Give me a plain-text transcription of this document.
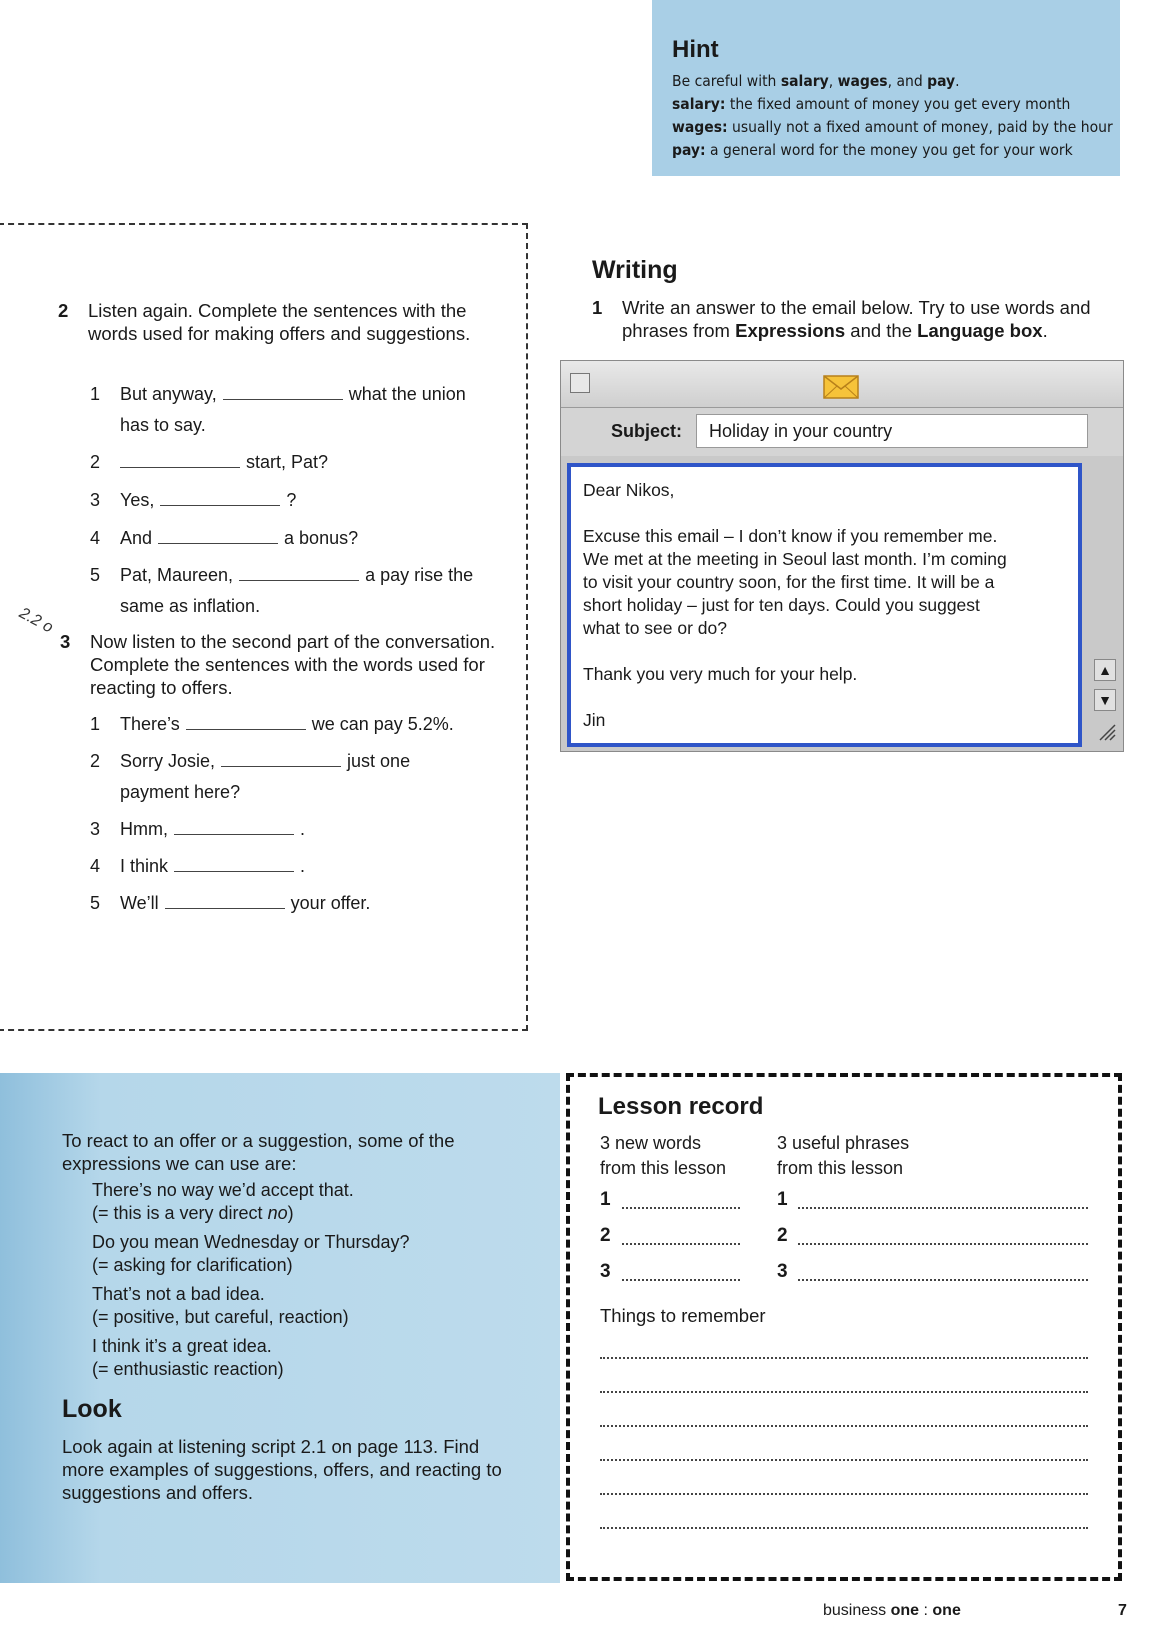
Hint
Be careful with salary, wages, and pay.
salary: the fixed amount of money you get every month
wages: usually not a fixed amount of money, paid by the hour
pay: a general word for the money you get for your work
2 Listen again. Complete the sentences with the words used for making offers and suggestions.
1 But anyway,	what the union
has to say.
2	start, Pat?
3 Yes,	?
4 And	a bonus?
5 Pat, Maureen,	a pay rise the
same as inflation.
2.2 o
3 Now listen to the second part of the conversation. Complete the sentences with the words used for reacting to offers.
1 There’s	we can pay 5.2%.
2 Sorry Josie,	just one
payment here?
3 Hmm,	.
4 I think	.
5 We’ll	your offer.
Writing
1 Write an answer to the email below. Try to use words and phrases from Expressions and the Language box.
Subject: Holiday in your country

Dear Nikos,

Excuse this email – I don’t know if you remember me.

We met at the meeting in Seoul last month. I’m coming

to visit your country soon, for the first time. It will be a

short holiday – just for ten days. Could you suggest

what to see or do?

Thank you very much for your help.

Jin

▲
▼
To react to an offer or a suggestion, some of the expressions we can use are:
There’s no way we’d accept that.
(= this is a very direct no)
Do you mean Wednesday or Thursday?
(= asking for clarification)
That’s not a bad idea.
(= positive, but careful, reaction)
I think it’s a great idea.
(= enthusiastic reaction)
Look
Look again at listening script 2.1 on page 113. Find more examples of suggestions, offers, and reacting to suggestions and offers.
Lesson record
3 new words
from this lesson
3 useful phrases
from this lesson
1
2
3
1
2
3
Things to remember
business one : one	7
